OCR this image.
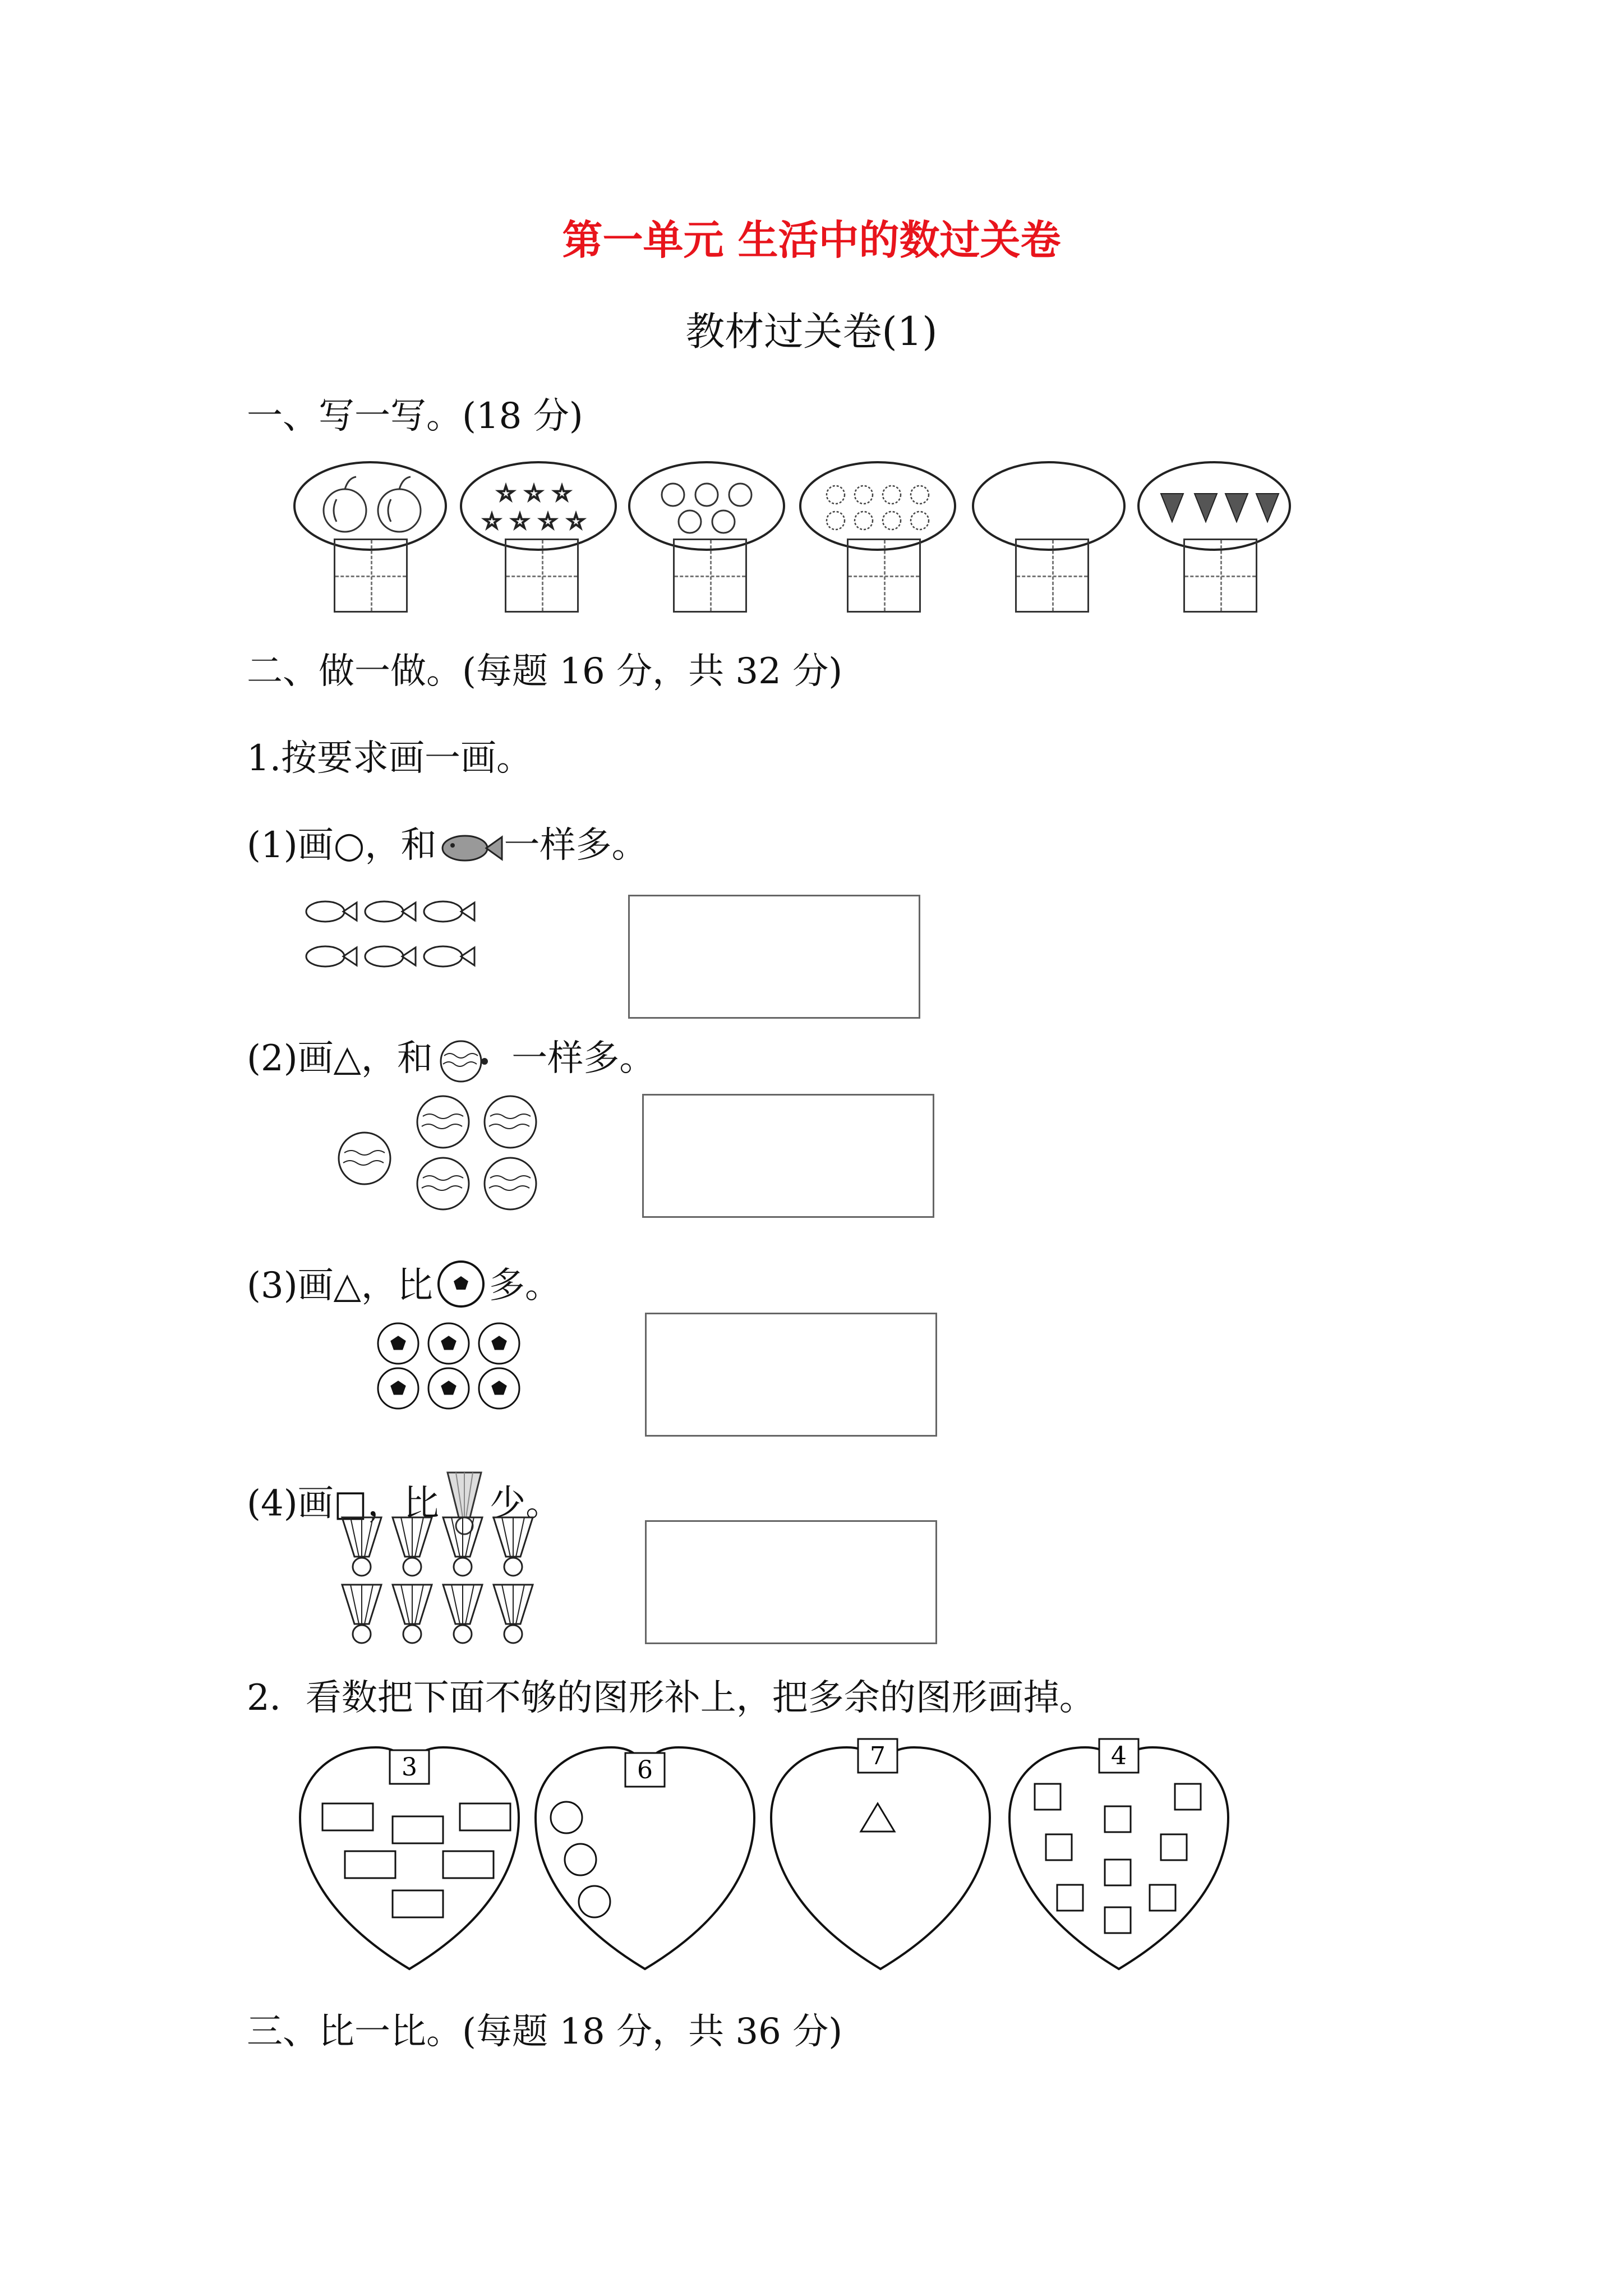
第一单元 生活中的数过关卷
教材过关卷(1)
一、写一写。(18 分)
☆ ☆ ☆
☆ ☆ ☆ ☆
二、做一做。(每题 16 分，共 32 分)
1.按要求画一画。
(1)画○，和 一样多。
(2)画△，和 一样多。
(3)画△，比 多。
(4)画□，比 少。
2．看数把下面不够的图形补上，把多余的图形画掉。
3	6	7	4
三、比一比。(每题 18 分，共 36 分)
